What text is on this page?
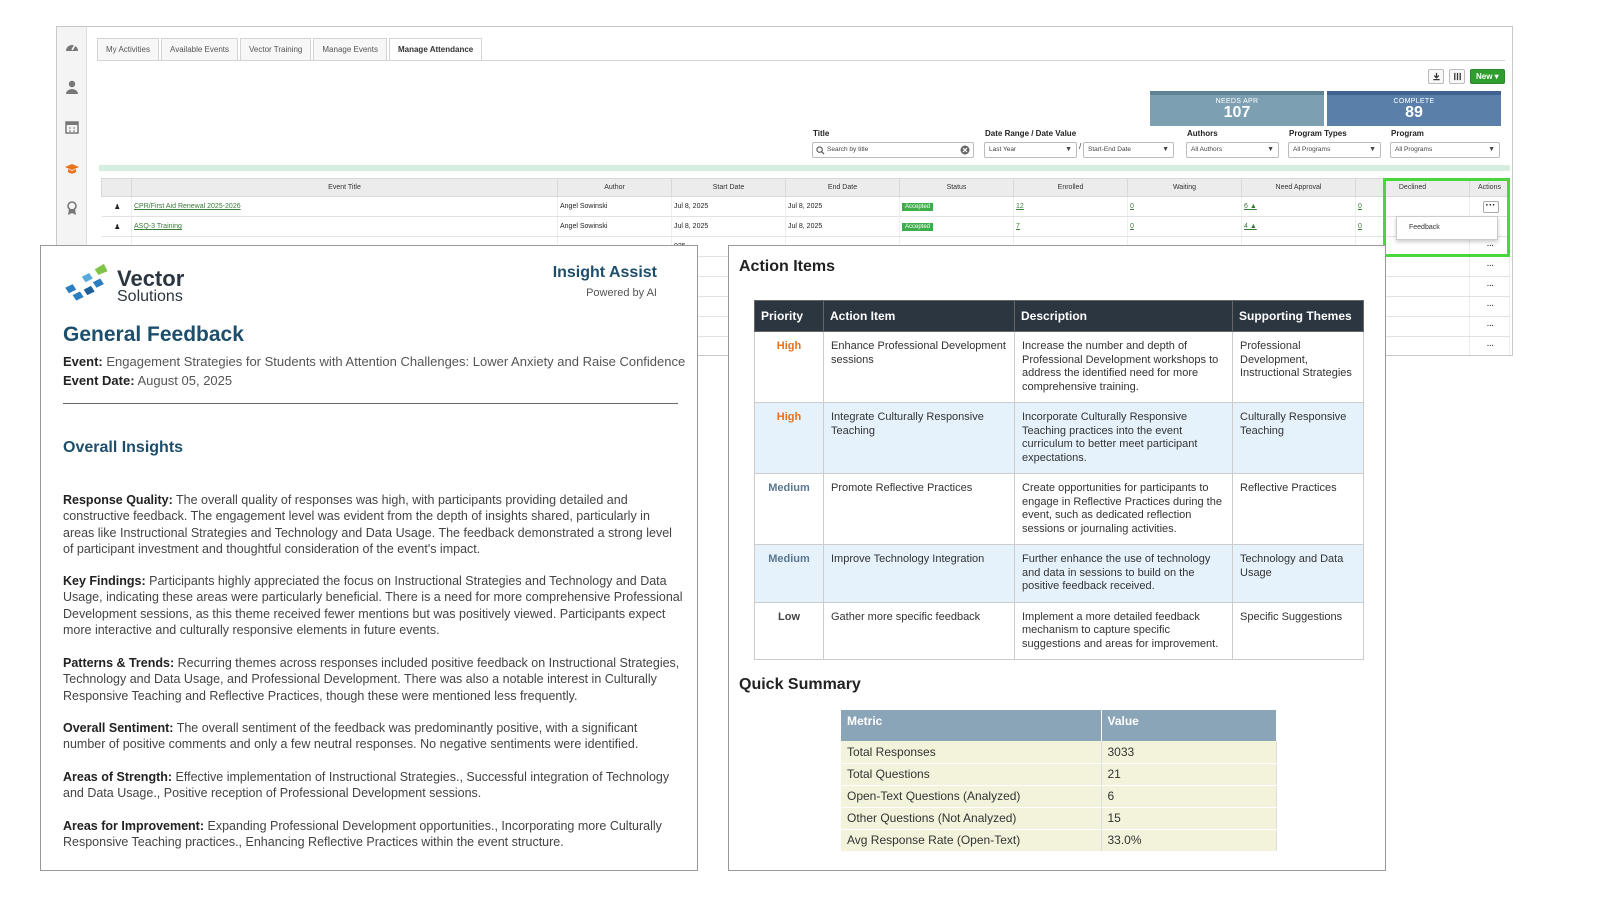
My Activities	Available Events	Vector Training	Manage Events	Manage Attendance
New ▾
NEEDS APR
107
COMPLETE
89
Title
Search by title
Date Range / Date Value
Last Year	▼ /	Start-End Date	▼
Authors
All Authors	▼
Program Types
All Programs	▼
Program
All Programs	▼
	Event Title	Author	Start Date	End Date	Status	Enrolled	Waiting	Need Approval	Declined	Actions
♟	CPR/First Aid Renewal 2025-2026	Angel Sowinski	Jul 8, 2025	Jul 8, 2025	Accepted	12	0	6 ▲	0	···
♟	ASQ-3 Training	Angel Sowinski	Jul 8, 2025	Jul 8, 2025	Accepted	7	0	4 ▲	0	
										···
										···
										···
										···
										···
										···
Feedback
Vector
Solutions
Insight Assist
Powered by AI
General Feedback
Event: Engagement Strategies for Students with Attention Challenges: Lower Anxiety and Raise Confidence
Event Date: August 05, 2025
Overall Insights
Response Quality: The overall quality of responses was high, with participants providing detailed and constructive feedback. The engagement level was evident from the depth of insights shared, particularly in areas like Instructional Strategies and Technology and Data Usage. The feedback demonstrated a strong level of participant investment and thoughtful consideration of the event's impact.
Key Findings: Participants highly appreciated the focus on Instructional Strategies and Technology and Data Usage, indicating these areas were particularly beneficial. There is a need for more comprehensive Professional Development sessions, as this theme received fewer mentions but was positively viewed. Participants expect more interactive and culturally responsive elements in future events.
Patterns & Trends: Recurring themes across responses included positive feedback on Instructional Strategies, Technology and Data Usage, and Professional Development. There was also a notable interest in Culturally Responsive Teaching and Reflective Practices, though these were mentioned less frequently.
Overall Sentiment: The overall sentiment of the feedback was predominantly positive, with a significant number of positive comments and only a few neutral responses. No negative sentiments were identified.
Areas of Strength: Effective implementation of Instructional Strategies., Successful integration of Technology and Data Usage., Positive reception of Professional Development sessions.
Areas for Improvement: Expanding Professional Development opportunities., Incorporating more Culturally Responsive Teaching practices., Enhancing Reflective Practices within the event structure.
Action Items
Priority	Action Item	Description	Supporting Themes
High	Enhance Professional Development sessions	Increase the number and depth of Professional Development workshops to address the identified need for more comprehensive training.	Professional Development, Instructional Strategies
High	Integrate Culturally Responsive Teaching	Incorporate Culturally Responsive Teaching practices into the event curriculum to better meet participant expectations.	Culturally Responsive Teaching
Medium	Promote Reflective Practices	Create opportunities for participants to engage in Reflective Practices during the event, such as dedicated reflection sessions or journaling activities.	Reflective Practices
Medium	Improve Technology Integration	Further enhance the use of technology and data in sessions to build on the positive feedback received.	Technology and Data Usage
Low	Gather more specific feedback	Implement a more detailed feedback mechanism to capture specific suggestions and areas for improvement.	Specific Suggestions
Quick Summary
Metric	Value
Total Responses	3033
Total Questions	21
Open-Text Questions (Analyzed)	6
Other Questions (Not Analyzed)	15
Avg Response Rate (Open-Text)	33.0%
